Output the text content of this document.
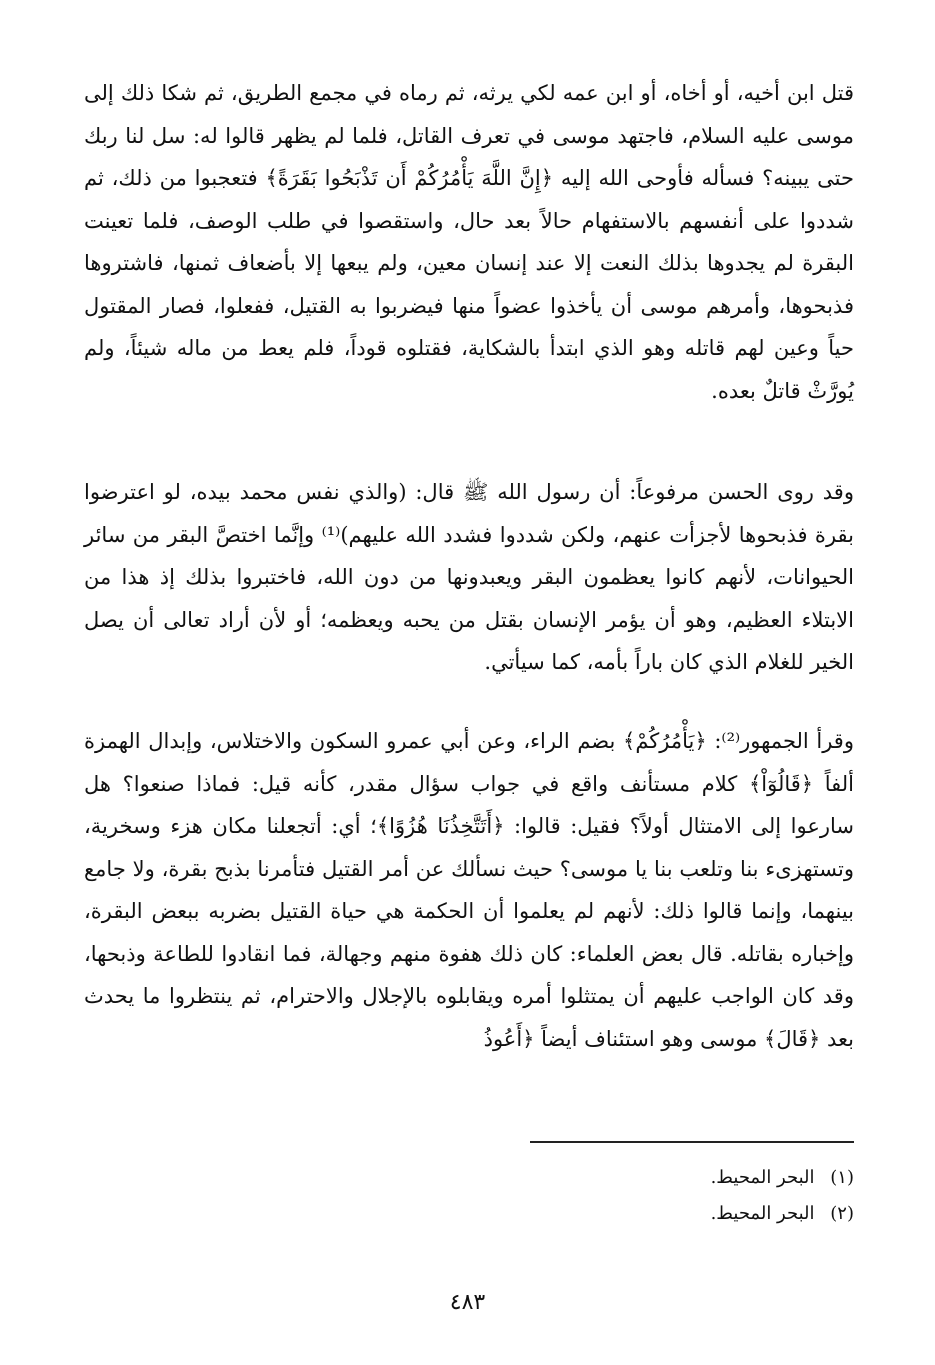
قتل ابن أخيه، أو أخاه، أو ابن عمه لكي يرثه، ثم رماه في مجمع الطريق، ثم شكا ذلك إلى موسى عليه السلام، فاجتهد موسى في تعرف القاتل، فلما لم يظهر قالوا له: سل لنا ربك حتى يبينه؟ فسأله فأوحى الله إليه ﴿إِنَّ اللَّهَ يَأْمُرُكُمْ أَن تَذْبَحُوا بَقَرَةً﴾ فتعجبوا من ذلك، ثم شددوا على أنفسهم بالاستفهام حالاً بعد حال، واستقصوا في طلب الوصف، فلما تعينت البقرة لم يجدوها بذلك النعت إلا عند إنسان معين، ولم يبعها إلا بأضعاف ثمنها، فاشتروها فذبحوها، وأمرهم موسى أن يأخذوا عضواً منها فيضربوا به القتيل، ففعلوا، فصار المقتول حياً وعين لهم قاتله وهو الذي ابتدأ بالشكاية، فقتلوه قوداً، فلم يعط من ماله شيئاً، ولم يُورَّثْ قاتلٌ بعده.

وقد روى الحسن مرفوعاً: أن رسول الله ﷺ قال: (والذي نفس محمد بيده، لو اعترضوا بقرة فذبحوها لأجزأت عنهم، ولكن شددوا فشدد الله عليهم)⁽¹⁾ وإنَّما اختصَّ البقر من سائر الحيوانات، لأنهم كانوا يعظمون البقر ويعبدونها من دون الله، فاختبروا بذلك إذ هذا من الابتلاء العظيم، وهو أن يؤمر الإنسان بقتل من يحبه ويعظمه؛ أو لأن أراد تعالى أن يصل الخير للغلام الذي كان باراً بأمه، كما سيأتي.

وقرأ الجمهور⁽²⁾: ﴿يَأْمُرُكُمْ﴾ بضم الراء، وعن أبي عمرو السكون والاختلاس، وإبدال الهمزة ألفاً ﴿قَالُوٓاْ﴾ كلام مستأنف واقع في جواب سؤال مقدر، كأنه قيل: فماذا صنعوا؟ هل سارعوا إلى الامتثال أولاً؟ فقيل: قالوا: ﴿أَتَتَّخِذُنَا هُزُوًا﴾؛ أي: أتجعلنا مكان هزء وسخرية، وتستهزىء بنا وتلعب بنا يا موسى؟ حيث نسألك عن أمر القتيل فتأمرنا بذبح بقرة، ولا جامع بينهما، وإنما قالوا ذلك: لأنهم لم يعلموا أن الحكمة هي حياة القتيل بضربه ببعض البقرة، وإخباره بقاتله. قال بعض العلماء: كان ذلك هفوة منهم وجهالة، فما انقادوا للطاعة وذبحها، وقد كان الواجب عليهم أن يمتثلوا أمره ويقابلوه بالإجلال والاحترام، ثم ينتظروا ما يحدث بعد ﴿قَالَ﴾ موسى وهو استئناف أيضاً ﴿أَعُوذُ

(١) البحر المحيط.
(٢) البحر المحيط.
٤٨٣
